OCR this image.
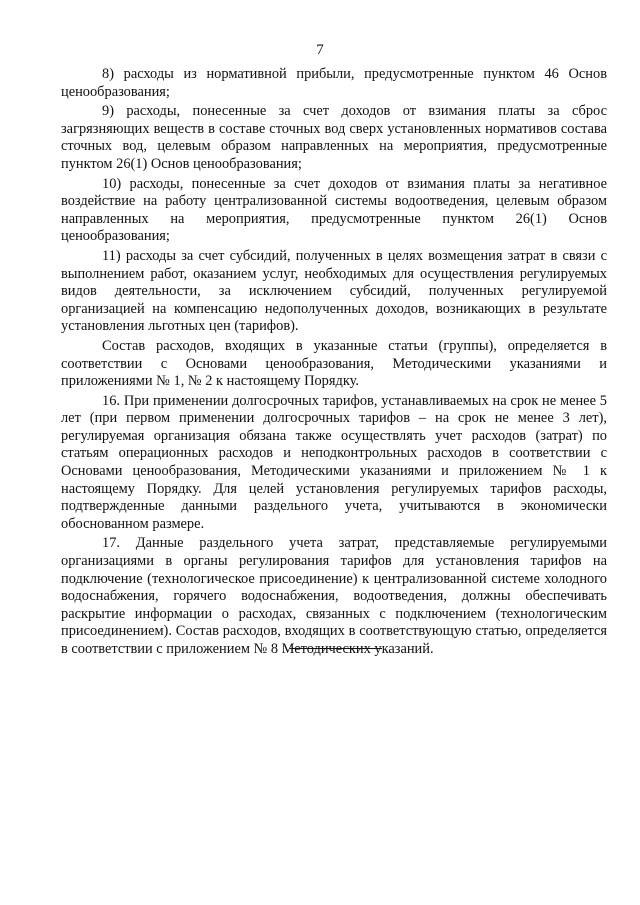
7

8) расходы из нормативной прибыли, предусмотренные пунктом 46 Основ ценообразования;

9) расходы, понесенные за счет доходов от взимания платы за сброс загрязняющих веществ в составе сточных вод сверх установленных нормативов состава сточных вод, целевым образом направленных на мероприятия, предусмотренные пунктом 26(1) Основ ценообразования;

10) расходы, понесенные за счет доходов от взимания платы за негативное воздействие на работу централизованной системы водоотведения, целевым образом направленных на мероприятия, предусмотренные пунктом 26(1) Основ ценообразования;

11) расходы за счет субсидий, полученных в целях возмещения затрат в связи с выполнением работ, оказанием услуг, необходимых для осуществления регулируемых видов деятельности, за исключением субсидий, полученных регулируемой организацией на компенсацию недополученных доходов, возникающих в результате установления льготных цен (тарифов).

Состав расходов, входящих в указанные статьи (группы), определяется в соответствии с Основами ценообразования, Методическими указаниями и приложениями № 1, № 2 к настоящему Порядку.

16. При применении долгосрочных тарифов, устанавливаемых на срок не менее 5 лет (при первом применении долгосрочных тарифов – на срок не менее 3 лет), регулируемая организация обязана также осуществлять учет расходов (затрат) по статьям операционных расходов и неподконтрольных расходов в соответствии с Основами ценообразования, Методическими указаниями и приложением № 1 к настоящему Порядку. Для целей установления регулируемых тарифов расходы, подтвержденные данными раздельного учета, учитываются в экономически обоснованном размере.

17. Данные раздельного учета затрат, представляемые регулируемыми организациями в органы регулирования тарифов для установления тарифов на подключение (технологическое присоединение) к централизованной системе холодного водоснабжения, горячего водоснабжения, водоотведения, должны обеспечивать раскрытие информации о расходах, связанных с подключением (технологическим присоединением). Состав расходов, входящих в соответствующую статью, определяется в соответствии с приложением № 8 Методических указаний.
